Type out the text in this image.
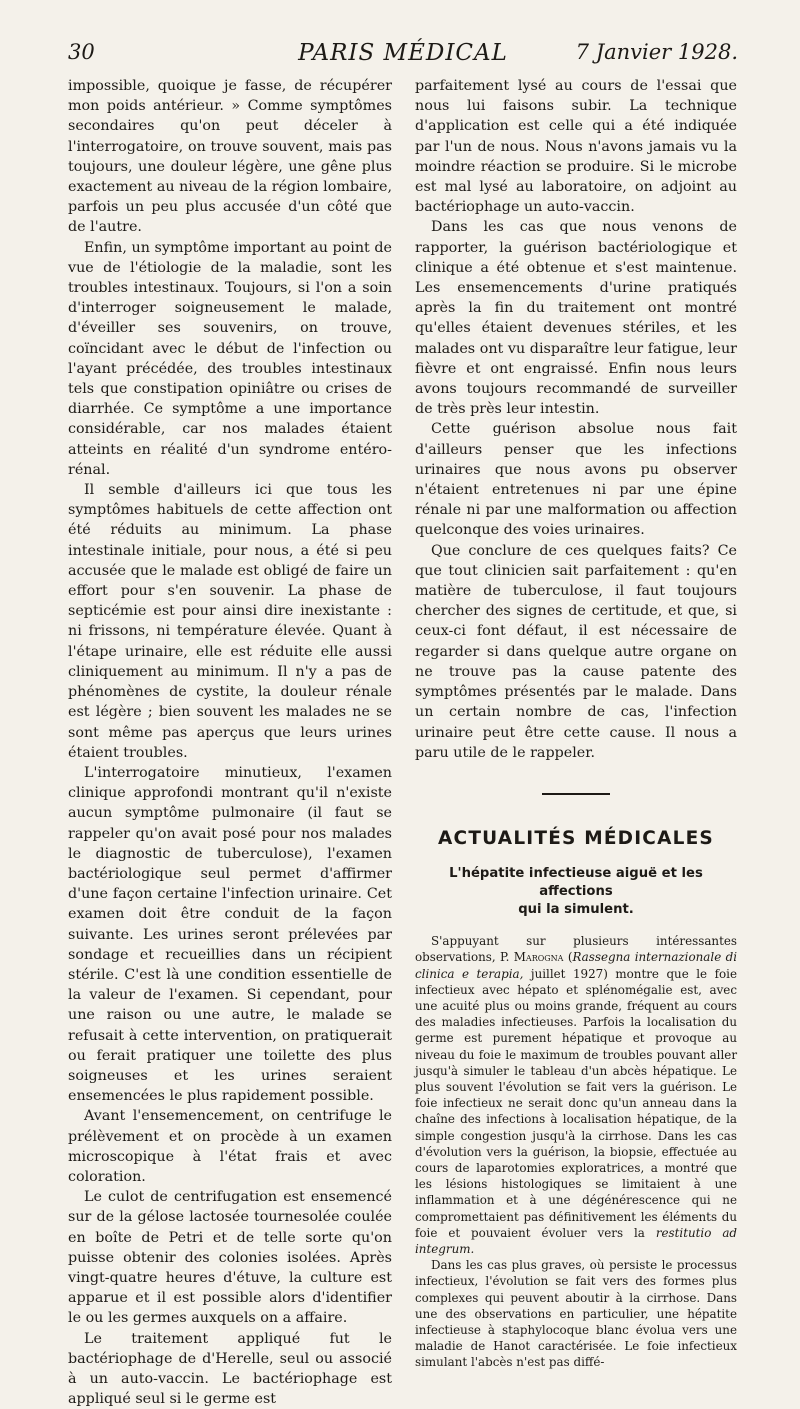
30	PARIS MÉDICAL	7 Janvier 1928.

impossible, quoique je fasse, de récupérer mon poids antérieur. » Comme symptômes secondaires qu'on peut déceler à l'interrogatoire, on trouve souvent, mais pas toujours, une douleur légère, une gêne plus exactement au niveau de la région lombaire, parfois un peu plus accusée d'un côté que de l'autre.

Enfin, un symptôme important au point de vue de l'étiologie de la maladie, sont les troubles intestinaux. Toujours, si l'on a soin d'interroger soigneusement le malade, d'éveiller ses souvenirs, on trouve, coïncidant avec le début de l'infection ou l'ayant précédée, des troubles intestinaux tels que constipation opiniâtre ou crises de diarrhée. Ce symptôme a une importance considérable, car nos malades étaient atteints en réalité d'un syndrome entéro-rénal.

Il semble d'ailleurs ici que tous les symptômes habituels de cette affection ont été réduits au minimum. La phase intestinale initiale, pour nous, a été si peu accusée que le malade est obligé de faire un effort pour s'en souvenir. La phase de septicémie est pour ainsi dire inexistante : ni frissons, ni température élevée. Quant à l'étape urinaire, elle est réduite elle aussi cliniquement au minimum. Il n'y a pas de phénomènes de cystite, la douleur rénale est légère ; bien souvent les malades ne se sont même pas aperçus que leurs urines étaient troubles.

L'interrogatoire minutieux, l'examen clinique approfondi montrant qu'il n'existe aucun symptôme pulmonaire (il faut se rappeler qu'on avait posé pour nos malades le diagnostic de tuberculose), l'examen bactériologique seul permet d'affirmer d'une façon certaine l'infection urinaire. Cet examen doit être conduit de la façon suivante. Les urines seront prélevées par sondage et recueillies dans un récipient stérile. C'est là une condition essentielle de la valeur de l'examen. Si cependant, pour une raison ou une autre, le malade se refusait à cette intervention, on pratiquerait ou ferait pratiquer une toilette des plus soigneuses et les urines seraient ensemencées le plus rapidement possible.

Avant l'ensemencement, on centrifuge le prélèvement et on procède à un examen microscopique à l'état frais et avec coloration.

Le culot de centrifugation est ensemencé sur de la gélose lactosée tournesolée coulée en boîte de Petri et de telle sorte qu'on puisse obtenir des colonies isolées. Après vingt-quatre heures d'étuve, la culture est apparue et il est possible alors d'identifier le ou les germes auxquels on a affaire.

Le traitement appliqué fut le bactériophage de d'Herelle, seul ou associé à un auto-vaccin. Le bactériophage est appliqué seul si le germe est

parfaitement lysé au cours de l'essai que nous lui faisons subir. La technique d'application est celle qui a été indiquée par l'un de nous. Nous n'avons jamais vu la moindre réaction se produire. Si le microbe est mal lysé au laboratoire, on adjoint au bactériophage un auto-vaccin.

Dans les cas que nous venons de rapporter, la guérison bactériologique et clinique a été obtenue et s'est maintenue. Les ensemencements d'urine pratiqués après la fin du traitement ont montré qu'elles étaient devenues stériles, et les malades ont vu disparaître leur fatigue, leur fièvre et ont engraissé. Enfin nous leurs avons toujours recommandé de surveiller de très près leur intestin.

Cette guérison absolue nous fait d'ailleurs penser que les infections urinaires que nous avons pu observer n'étaient entretenues ni par une épine rénale ni par une malformation ou affection quelconque des voies urinaires.

Que conclure de ces quelques faits? Ce que tout clinicien sait parfaitement : qu'en matière de tuberculose, il faut toujours chercher des signes de certitude, et que, si ceux-ci font défaut, il est nécessaire de regarder si dans quelque autre organe on ne trouve pas la cause patente des symptômes présentés par le malade. Dans un certain nombre de cas, l'infection urinaire peut être cette cause. Il nous a paru utile de le rappeler.

ACTUALITÉS MÉDICALES
L'hépatite infectieuse aiguë et les affections
qui la simulent.

S'appuyant sur plusieurs intéressantes observations, P. Marogna (Rassegna internazionale di clinica e terapia, juillet 1927) montre que le foie infectieux avec hépato et splénomégalie est, avec une acuité plus ou moins grande, fréquent au cours des maladies infectieuses. Parfois la localisation du germe est purement hépatique et provoque au niveau du foie le maximum de troubles pouvant aller jusqu'à simuler le tableau d'un abcès hépatique. Le plus souvent l'évolution se fait vers la guérison. Le foie infectieux ne serait donc qu'un anneau dans la chaîne des infections à localisation hépatique, de la simple congestion jusqu'à la cirrhose. Dans les cas d'évolution vers la guérison, la biopsie, effectuée au cours de laparotomies exploratrices, a montré que les lésions histologiques se limitaient à une inflammation et à une dégénérescence qui ne compromettaient pas définitivement les éléments du foie et pouvaient évoluer vers la restitutio ad integrum.

Dans les cas plus graves, où persiste le processus infectieux, l'évolution se fait vers des formes plus complexes qui peuvent aboutir à la cirrhose. Dans une des observations en particulier, une hépatite infectieuse à staphylocoque blanc évolua vers une maladie de Hanot caractérisée. Le foie infectieux simulant l'abcès n'est pas diffé-
